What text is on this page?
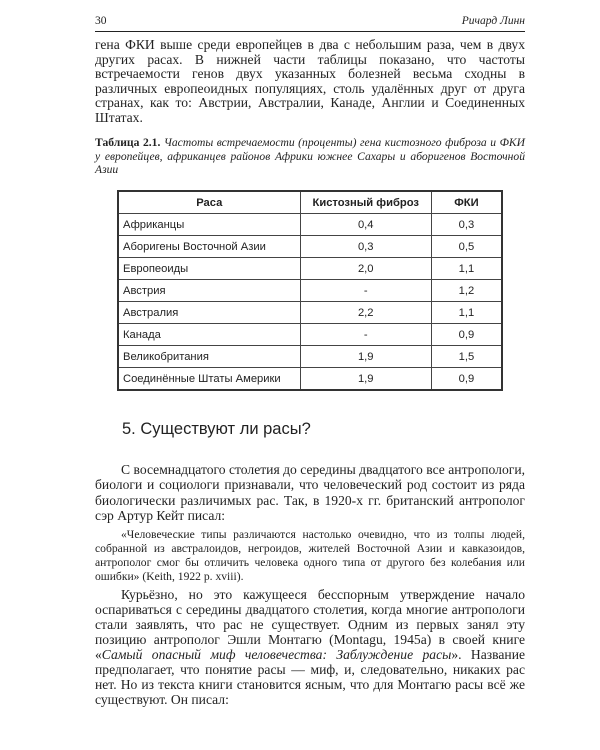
30	Ричард Линн
гена ФКИ выше среди европейцев в два с небольшим раза, чем в двух других расах. В нижней части таблицы показано, что частоты встречаемости генов двух указанных болезней весьма сходны в различных европеоидных популяциях, столь удалённых друг от друга странах, как то: Австрии, Австралии, Канаде, Англии и Соединенных Штатах.
Таблица 2.1. Частоты встречаемости (проценты) гена кистозного фиброза и ФКИ у европейцев, африканцев районов Африки южнее Сахары и аборигенов Восточной Азии
Раса	Кистозный фиброз	ФКИ
Африканцы	0,4	0,3
Аборигены Восточной Азии	0,3	0,5
Европеоиды	2,0	1,1
Австрия	-	1,2
Австралия	2,2	1,1
Канада	-	0,9
Великобритания	1,9	1,5
Соединённые Штаты Америки	1,9	0,9
5. Существуют ли расы?
С восемнадцатого столетия до середины двадцатого все антропологи, биологи и социологи признавали, что человеческий род состоит из ряда биологически различимых рас. Так, в 1920-х гг. британский антрополог сэр Артур Кейт писал:
«Человеческие типы различаются настолько очевидно, что из толпы людей, собранной из австралоидов, негроидов, жителей Восточной Азии и кавказоидов, антрополог смог бы отличить человека одного типа от другого без колебания или ошибки» (Keith, 1922 p. xviii).
Курьёзно, но это кажущееся бесспорным утверждение начало оспариваться с середины двадцатого столетия, когда многие антропологи стали заявлять, что рас не существует. Одним из первых занял эту позицию антрополог Эшли Монтагю (Montagu, 1945a) в своей книге «Самый опасный миф человечества: Заблуждение расы». Название предполагает, что понятие расы — миф, и, следовательно, никаких рас нет. Но из текста книги становится ясным, что для Монтагю расы всё же существуют. Он писал:
